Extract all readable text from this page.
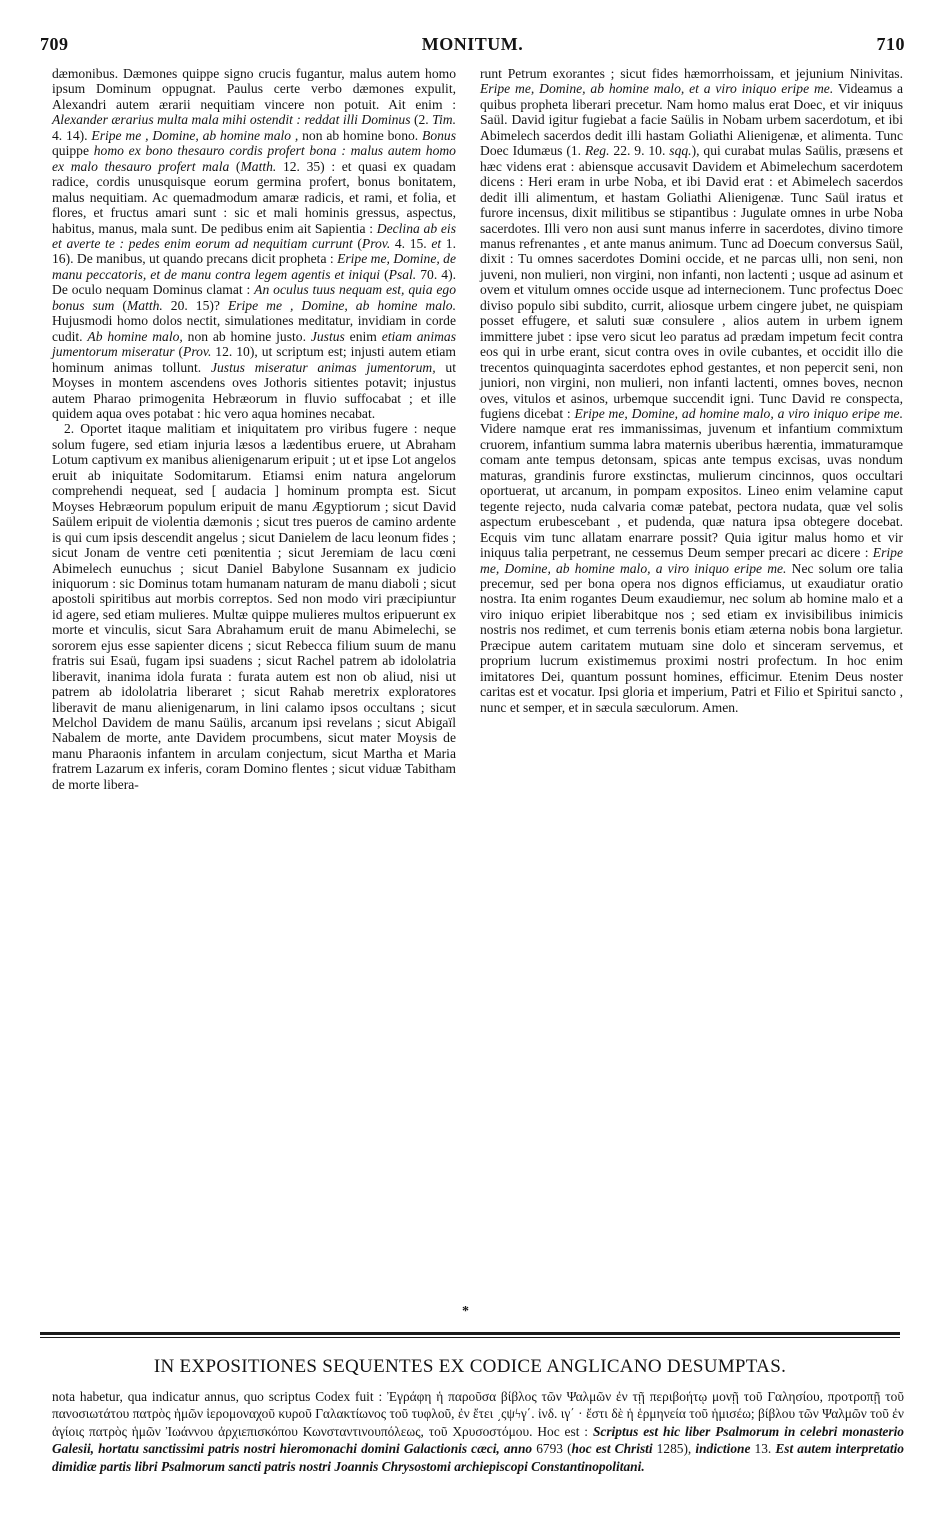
709	MONITUM.	710

dæmonibus. Dæmones quippe signo crucis fugantur, malus autem homo ipsum Dominum oppugnat. Paulus certe verbo dæmones expulit, Alexandri autem ærarii nequitiam vincere non potuit. Ait enim : Alexander ærarius multa mala mihi ostendit : reddat illi Dominus (2. Tim. 4. 14). Eripe me , Domine, ab homine malo , non ab homine bono. Bonus quippe homo ex bono thesauro cordis profert bona : malus autem homo ex malo thesauro profert mala (Matth. 12. 35) : et quasi ex quadam radice, cordis unusquisque eorum germina profert, bonus bonitatem, malus nequitiam. Ac quemadmodum amaræ radicis, et rami, et folia, et flores, et fructus amari sunt : sic et mali hominis gressus, aspectus, habitus, manus, mala sunt. De pedibus enim ait Sapientia : Declina ab eis et averte te : pedes enim eorum ad nequitiam currunt (Prov. 4. 15. et 1. 16). De manibus, ut quando precans dicit propheta : Eripe me, Domine, de manu peccatoris, et de manu contra legem agentis et iniqui (Psal. 70. 4). De oculo nequam Dominus clamat : An oculus tuus nequam est, quia ego bonus sum (Matth. 20. 15)? Eripe me , Domine, ab homine malo. Hujusmodi homo dolos nectit, simulationes meditatur, invidiam in corde cudit. Ab homine malo, non ab homine justo. Justus enim etiam animas jumentorum miseratur (Prov. 12. 10), ut scriptum est; injusti autem etiam hominum animas tollunt. Justus miseratur animas jumentorum, ut Moyses in montem ascendens oves Jothoris sitientes potavit; injustus autem Pharao primogenita Hebræorum in fluvio suffocabat ; et ille quidem aqua oves potabat : hic vero aqua homines necabat.

2. Oportet itaque malitiam et iniquitatem pro viribus fugere : neque solum fugere, sed etiam injuria læsos a lædentibus eruere, ut Abraham Lotum captivum ex manibus alienigenarum eripuit ; ut et ipse Lot angelos eruit ab iniquitate Sodomitarum. Etiamsi enim natura angelorum comprehendi nequeat, sed [ audacia ] hominum prompta est. Sicut Moyses Hebræorum populum eripuit de manu Ægyptiorum ; sicut David Saülem eripuit de violentia dæmonis ; sicut tres pueros de camino ardente is qui cum ipsis descendit angelus ; sicut Danielem de lacu leonum fides ; sicut Jonam de ventre ceti pœnitentia ; sicut Jeremiam de lacu cœni Abimelech eunuchus ; sicut Daniel Babylone Susannam ex judicio iniquorum : sic Dominus totam humanam naturam de manu diaboli ; sicut apostoli spiritibus aut morbis correptos. Sed non modo viri præcipiuntur id agere, sed etiam mulieres. Multæ quippe mulieres multos eripuerunt ex morte et vinculis, sicut Sara Abrahamum eruit de manu Abimelechi, se sororem ejus esse sapienter dicens ; sicut Rebecca filium suum de manu fratris sui Esaü, fugam ipsi suadens ; sicut Rachel patrem ab idololatria liberavit, inanima idola furata : furata autem est non ob aliud, nisi ut patrem ab idololatria liberaret ; sicut Rahab meretrix exploratores liberavit de manu alienigenarum, in lini calamo ipsos occultans ; sicut Melchol Davidem de manu Saülis, arcanum ipsi revelans ; sicut Abigaïl Nabalem de morte, ante Davidem procumbens, sicut mater Moysis de manu Pharaonis infantem in arculam conjectum, sicut Martha et Maria fratrem Lazarum ex inferis, coram Domino flentes ; sicut viduæ Tabitham de morte libera-

runt Petrum exorantes ; sicut fides hæmorrhoissam, et jejunium Ninivitas. Eripe me, Domine, ab homine malo, et a viro iniquo eripe me. Videamus a quibus propheta liberari precetur. Nam homo malus erat Doec, et vir iniquus Saül. David igitur fugiebat a facie Saülis in Nobam urbem sacerdotum, et ibi Abimelech sacerdos dedit illi hastam Goliathi Alienigenæ, et alimenta. Tunc Doec Idumæus (1. Reg. 22. 9. 10. sqq.), qui curabat mulas Saülis, præsens et hæc videns erat : abiensque accusavit Davidem et Abimelechum sacerdotem dicens : Heri eram in urbe Noba, et ibi David erat : et Abimelech sacerdos dedit illi alimentum, et hastam Goliathi Alienigenæ. Tunc Saül iratus et furore incensus, dixit militibus se stipantibus : Jugulate omnes in urbe Noba sacerdotes. Illi vero non ausi sunt manus inferre in sacerdotes, divino timore manus refrenantes , et ante manus animum. Tunc ad Doecum conversus Saül, dixit : Tu omnes sacerdotes Domini occide, et ne parcas ulli, non seni, non juveni, non mulieri, non virgini, non infanti, non lactenti ; usque ad asinum et ovem et vitulum omnes occide usque ad internecionem. Tunc profectus Doec diviso populo sibi subdito, currit, aliosque urbem cingere jubet, ne quispiam posset effugere, et saluti suæ consulere , alios autem in urbem ignem immittere jubet : ipse vero sicut leo paratus ad prædam impetum fecit contra eos qui in urbe erant, sicut contra oves in ovile cubantes, et occidit illo die trecentos quinquaginta sacerdotes ephod gestantes, et non pepercit seni, non juniori, non virgini, non mulieri, non infanti lactenti, omnes boves, necnon oves, vitulos et asinos, urbemque succendit igni. Tunc David re conspecta, fugiens dicebat : Eripe me, Domine, ad homine malo, a viro iniquo eripe me. Videre namque erat res immanissimas, juvenum et infantium commixtum cruorem, infantium summa labra maternis uberibus hærentia, immaturamque comam ante tempus detonsam, spicas ante tempus excisas, uvas nondum maturas, grandinis furore exstinctas, mulierum cincinnos, quos occultari oportuerat, ut arcanum, in pompam expositos. Lineo enim velamine caput tegente rejecto, nuda calvaria comæ patebat, pectora nudata, quæ vel solis aspectum erubescebant , et pudenda, quæ natura ipsa obtegere docebat. Ecquis vim tunc allatam enarrare possit? Quia igitur malus homo et vir iniquus talia perpetrant, ne cessemus Deum semper precari ac dicere : Eripe me, Domine, ab homine malo, a viro iniquo eripe me. Nec solum ore talia precemur, sed per bona opera nos dignos efficiamus, ut exaudiatur oratio nostra. Ita enim rogantes Deum exaudiemur, nec solum ab homine malo et a viro iniquo eripiet liberabitque nos ; sed etiam ex invisibilibus inimicis nostris nos redimet, et cum terrenis bonis etiam æterna nobis bona largietur. Præcipue autem caritatem mutuam sine dolo et sinceram servemus, et proprium lucrum existimemus proximi nostri profectum. In hoc enim imitatores Dei, quantum possunt homines, efficimur. Etenim Deus noster caritas est et vocatur. Ipsi gloria et imperium, Patri et Filio et Spiritui sancto , nunc et semper, et in sæcula sæculorum. Amen.

*
IN EXPOSITIONES SEQUENTES EX CODICE ANGLICANO DESUMPTAS.
nota habetur, qua indicatur annus, quo scriptus Codex fuit : Ἐγράφη ἡ παροῦσα βίβλος τῶν Ψαλμῶν ἐν τῇ περιβοήτῳ μονῇ τοῦ Γαλησίου, προτροπῇ τοῦ πανοσιωτάτου πατρὸς ἡμῶν ἱερομοναχοῦ κυροῦ Γαλακτίωνος τοῦ τυφλοῦ, ἐν ἔτει ͵ςψϟγ΄. ἰνδ. ιγ΄ · ἔστι δὲ ἡ ἑρμηνεία τοῦ ἡμισέω; βίβλου τῶν Ψαλμῶν τοῦ ἐν ἁγίοις πατρὸς ἡμῶν Ἰωάννου ἀρχιεπισκόπου Κωνσταντινουπόλεως, τοῦ Χρυσοστόμου. Hoc est : Scriptus est hic liber Psalmorum in celebri monasterio Galesii, hortatu sanctissimi patris nostri hieromonachi domini Galactionis cæci, anno 6793 (hoc est Christi 1285), indictione 13. Est autem interpretatio dimidiæ partis libri Psalmorum sancti patris nostri Joannis Chrysostomi archiepiscopi Constantinopolitani.
